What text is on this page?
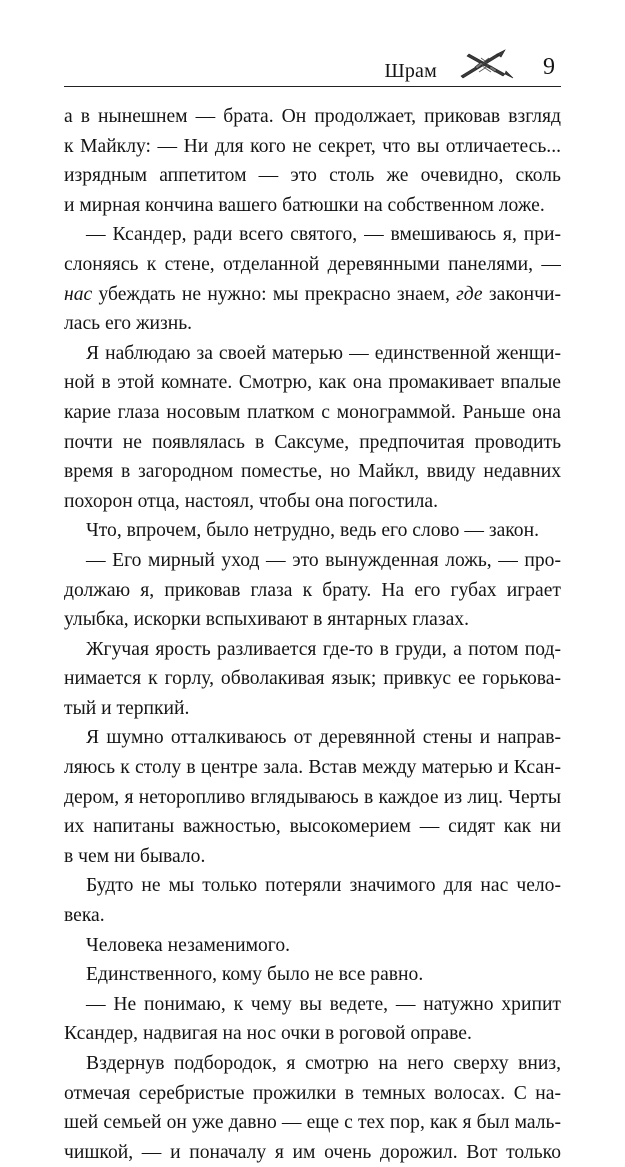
Шрам	9
а в нынешнем — брата. Он продолжает, приковав взгляд
к Майклу: — Ни для кого не секрет, что вы отличаетесь...
изрядным аппетитом — это столь же очевидно, сколь
и мирная кончина вашего батюшки на собственном ложе.
— Ксандер, ради всего святого, — вмешиваюсь я, при-
слоняясь к стене, отделанной деревянными панелями, —
нас убеждать не нужно: мы прекрасно знаем, где закончи-
лась его жизнь.
Я наблюдаю за своей матерью — единственной женщи-
ной в этой комнате. Смотрю, как она промакивает впалые
карие глаза носовым платком с монограммой. Раньше она
почти не появлялась в Саксуме, предпочитая проводить
время в загородном поместье, но Майкл, ввиду недавних
похорон отца, настоял, чтобы она погостила.
Что, впрочем, было нетрудно, ведь его слово — закон.
— Его мирный уход — это вынужденная ложь, — про-
должаю я, приковав глаза к брату. На его губах играет
улыбка, искорки вспыхивают в янтарных глазах.
Жгучая ярость разливается где-то в груди, а потом под-
нимается к горлу, обволакивая язык; привкус ее горькова-
тый и терпкий.
Я шумно отталкиваюсь от деревянной стены и направ-
ляюсь к столу в центре зала. Встав между матерью и Ксан-
дером, я неторопливо вглядываюсь в каждое из лиц. Черты
их напитаны важностью, высокомерием — сидят как ни
в чем ни бывало.
Будто не мы только потеряли значимого для нас чело-
века.
Человека незаменимого.
Единственного, кому было не все равно.
— Не понимаю, к чему вы ведете, — натужно хрипит
Ксандер, надвигая на нос очки в роговой оправе.
Вздернув подбородок, я смотрю на него сверху вниз,
отмечая серебристые прожилки в темных волосах. С на-
шей семьей он уже давно — еще с тех пор, как я был маль-
чишкой, — и поначалу я им очень дорожил. Вот только
